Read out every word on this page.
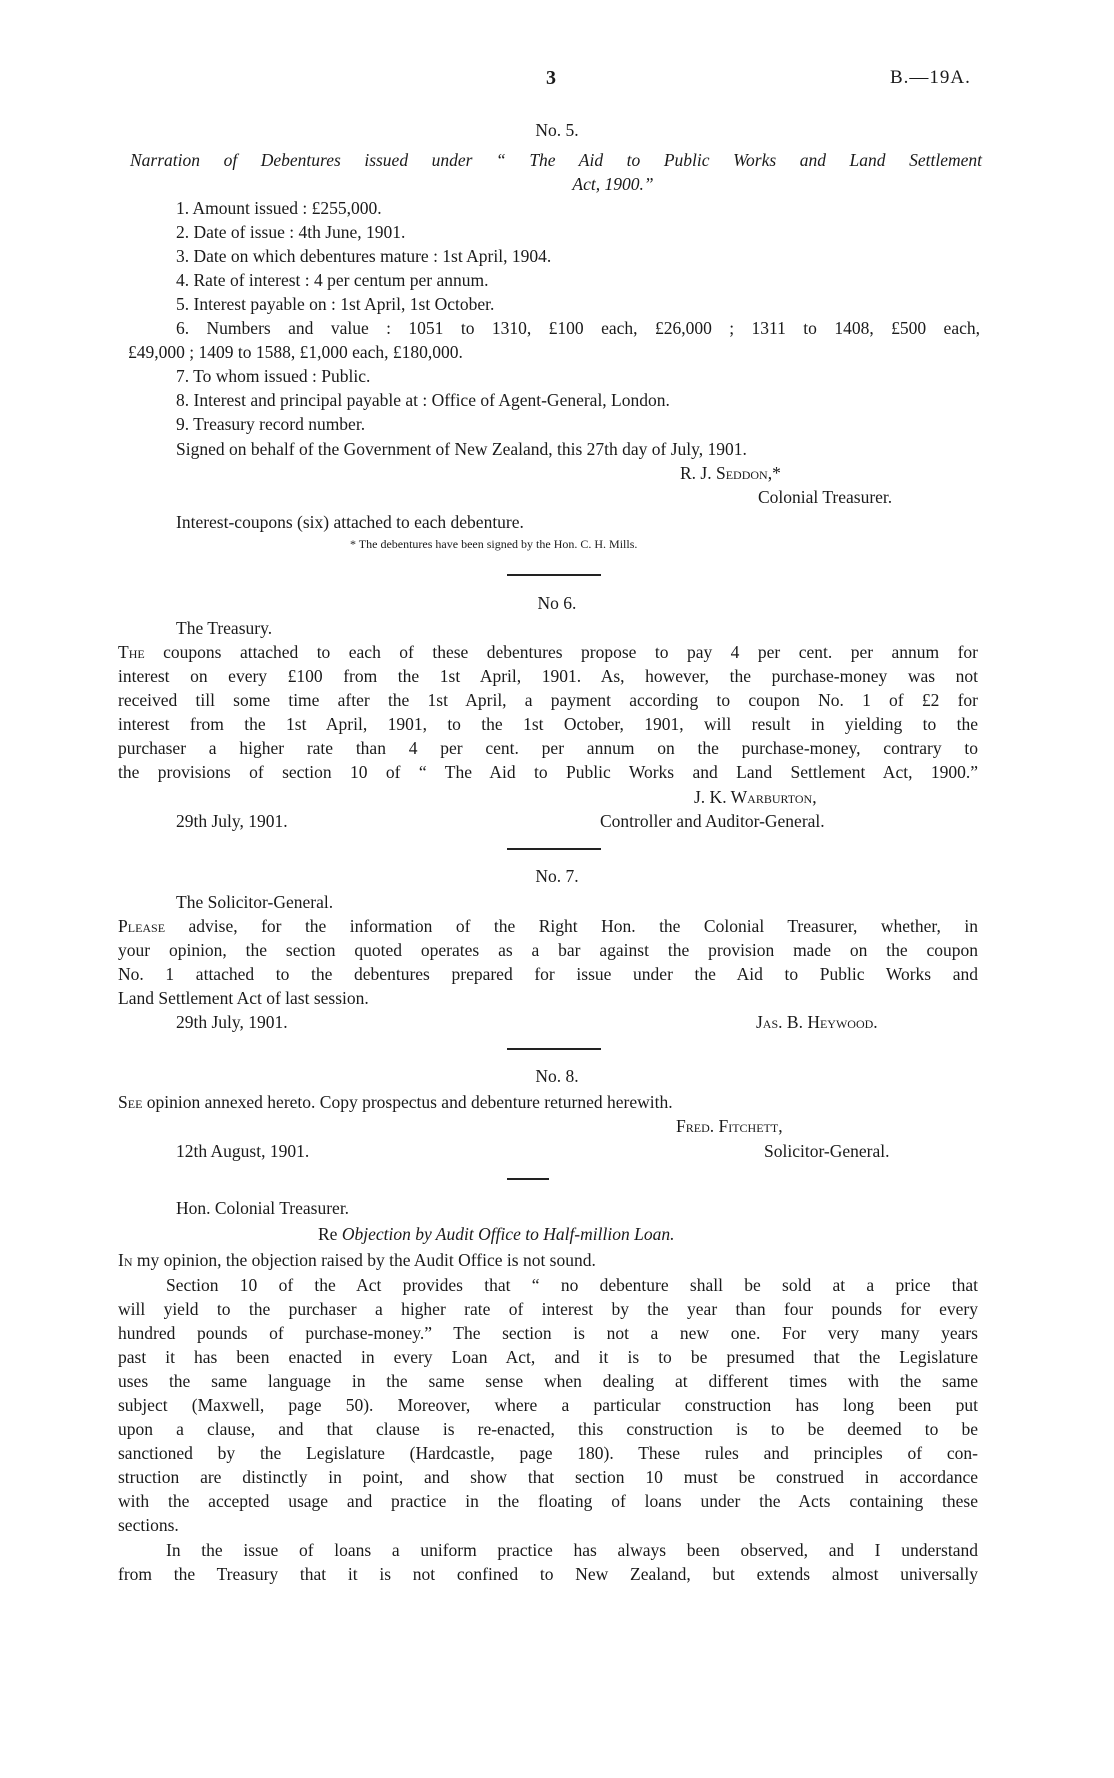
3	B.—19A.
No. 5.
Narration of Debentures issued under “ The Aid to Public Works and Land Settlement
Act, 1900.”
1. Amount issued : £255,000.
2. Date of issue : 4th June, 1901.
3. Date on which debentures mature : 1st April, 1904.
4. Rate of interest : 4 per centum per annum.
5. Interest payable on : 1st April, 1st October.
6. Numbers and value : 1051 to 1310, £100 each, £26,000 ; 1311 to 1408, £500 each,
£49,000 ; 1409 to 1588, £1,000 each, £180,000.
7. To whom issued : Public.
8. Interest and principal payable at : Office of Agent-General, London.
9. Treasury record number.
Signed on behalf of the Government of New Zealand, this 27th day of July, 1901.
R. J. Seddon,*
Colonial Treasurer.
Interest-coupons (six) attached to each debenture.
* The debentures have been signed by the Hon. C. H. Mills.
No 6.
The Treasury.
The coupons attached to each of these debentures propose to pay 4 per cent. per annum for
interest on every £100 from the 1st April, 1901. As, however, the purchase-money was not
received till some time after the 1st April, a payment according to coupon No. 1 of £2 for
interest from the 1st April, 1901, to the 1st October, 1901, will result in yielding to the
purchaser a higher rate than 4 per cent. per annum on the purchase-money, contrary to
the provisions of section 10 of “ The Aid to Public Works and Land Settlement Act, 1900.”
J. K. Warburton,
29th July, 1901.	Controller and Auditor-General.
No. 7.
The Solicitor-General.
Please advise, for the information of the Right Hon. the Colonial Treasurer, whether, in
your opinion, the section quoted operates as a bar against the provision made on the coupon
No. 1 attached to the debentures prepared for issue under the Aid to Public Works and
Land Settlement Act of last session.
29th July, 1901.	Jas. B. Heywood.
No. 8.
See opinion annexed hereto. Copy prospectus and debenture returned herewith.
Fred. Fitchett,
12th August, 1901.	Solicitor-General.
Hon. Colonial Treasurer.
Re Objection by Audit Office to Half-million Loan.
In my opinion, the objection raised by the Audit Office is not sound.
Section 10 of the Act provides that “ no debenture shall be sold at a price that
will yield to the purchaser a higher rate of interest by the year than four pounds for every
hundred pounds of purchase-money.” The section is not a new one. For very many years
past it has been enacted in every Loan Act, and it is to be presumed that the Legislature
uses the same language in the same sense when dealing at different times with the same
subject (Maxwell, page 50). Moreover, where a particular construction has long been put
upon a clause, and that clause is re-enacted, this construction is to be deemed to be
sanctioned by the Legislature (Hardcastle, page 180). These rules and principles of con-
struction are distinctly in point, and show that section 10 must be construed in accordance
with the accepted usage and practice in the floating of loans under the Acts containing these
sections.
In the issue of loans a uniform practice has always been observed, and I understand
from the Treasury that it is not confined to New Zealand, but extends almost universally
